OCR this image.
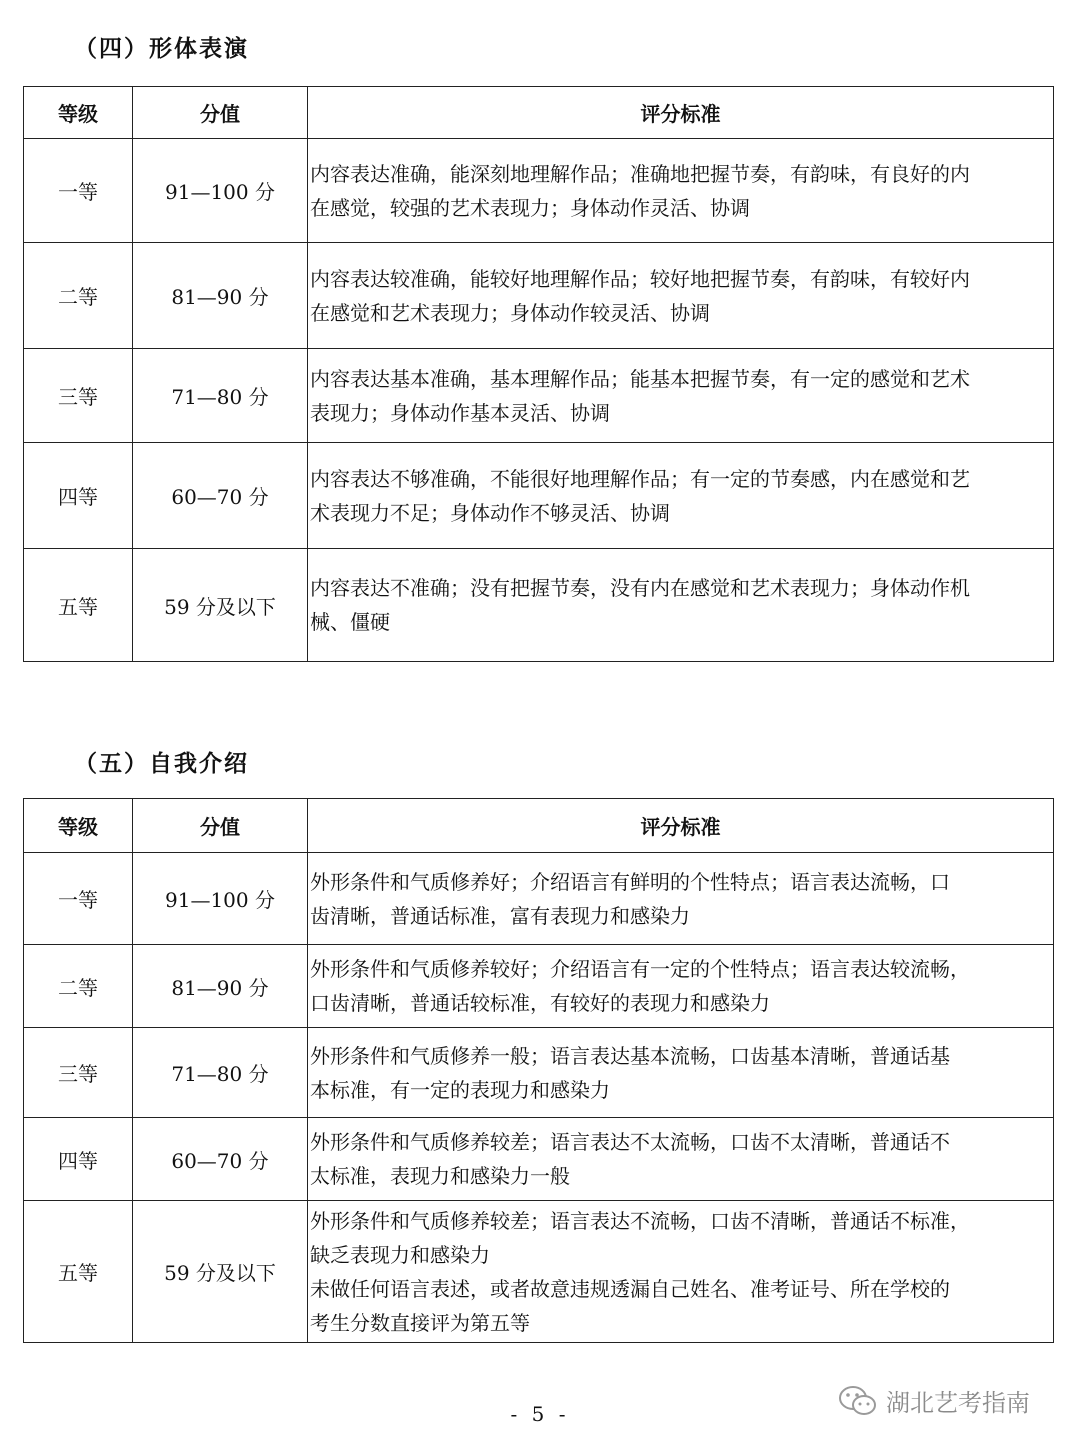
（四）形体表演
等级	分值	评分标准
一等	91—100 分	内容表达准确，能深刻地理解作品；准确地把握节奏，有韵味，有良好的内
在感觉，较强的艺术表现力；身体动作灵活、协调

二等	81—90 分	内容表达较准确，能较好地理解作品；较好地把握节奏，有韵味，有较好内
在感觉和艺术表现力；身体动作较灵活、协调

三等	71—80 分	内容表达基本准确，基本理解作品；能基本把握节奏，有一定的感觉和艺术
表现力；身体动作基本灵活、协调

四等	60—70 分	内容表达不够准确，不能很好地理解作品；有一定的节奏感，内在感觉和艺
术表现力不足；身体动作不够灵活、协调

五等	59 分及以下	内容表达不准确；没有把握节奏，没有内在感觉和艺术表现力；身体动作机
械、僵硬
（五）自我介绍
等级	分值	评分标准
一等	91—100 分	外形条件和气质修养好；介绍语言有鲜明的个性特点；语言表达流畅，口
齿清晰，普通话标准，富有表现力和感染力

二等	81—90 分	外形条件和气质修养较好；介绍语言有一定的个性特点；语言表达较流畅，
口齿清晰，普通话较标准，有较好的表现力和感染力

三等	71—80 分	外形条件和气质修养一般；语言表达基本流畅，口齿基本清晰，普通话基
本标准，有一定的表现力和感染力

四等	60—70 分	外形条件和气质修养较差；语言表达不太流畅，口齿不太清晰，普通话不
太标准，表现力和感染力一般

五等	59 分及以下	外形条件和气质修养较差；语言表达不流畅，口齿不清晰，普通话不标准，
缺乏表现力和感染力
未做任何语言表述，或者故意违规透漏自己姓名、准考证号、所在学校的
考生分数直接评为第五等
- 5 -	湖北艺考指南
